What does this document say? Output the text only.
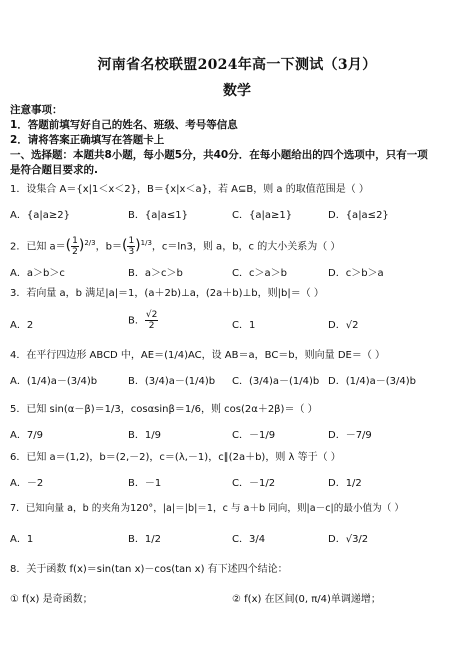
河南省名校联盟2024年高一下测试（3月）
数学
注意事项：
1．答题前填写好自己的姓名、班级、考号等信息
2．请将答案正确填写在答题卡上
一、选择题：本题共8小题，每小题5分，共40分．在每小题给出的四个选项中，只有一项
是符合题目要求的.
1．设集合 A＝{x|1＜x＜2}，B＝{x|x＜a}，若 A⊆B，则 a 的取值范围是（ ）
A．{a|a≥2}	B．{a|a≤1}	C．{a|a≥1}	D．{a|a≤2}
2．已知 $a=( \frac{1}{2} )^{2/3}$，$b=( \frac{1}{3} )^{1/3}$，c＝ln3，则 a，b，c 的大小关系为（ ）
A．a＞b＞c	B．a＞c＞b	C．c＞a＞b	D．c＞b＞a
3．若向量 a，b 满足|a|＝1，(a＋2b)⊥a，(2a＋b)⊥b，则|b|＝（ ）
A．2	B． $\frac{√2}{2}$	C．1	D．√2
4．在平行四边形 ABCD 中，AE＝(1/4)AC，设 AB＝a，BC＝b，则向量 DE＝（ ）
A．(1/4)a－(3/4)b	B．(3/4)a－(1/4)b C．(3/4)a－(1/4)b D．(1/4)a－(3/4)b
5．已知 sin(α－β)＝1/3，cosαsinβ＝1/6，则 cos(2α＋2β)＝（ ）
A．7/9	B．1/9	C．－1/9	D．－7/9
6．已知 a＝(1,2)，b＝(2,－2)，c＝(λ,－1)，c∥(2a＋b)，则 λ 等于（ ）
A．－2	B．－1	C．－1/2	D．1/2
7．已知向量 a，b 的夹角为120°，|a|＝|b|＝1，c 与 a＋b 同向，则|a－c|的最小值为（ ）
A．1	B．1/2	C．3/4	D．√3/2
8．关于函数 f(x)＝sin(tan x)－cos(tan x) 有下述四个结论：
① f(x) 是奇函数；	② f(x) 在区间(0, π/4)单调递增；
